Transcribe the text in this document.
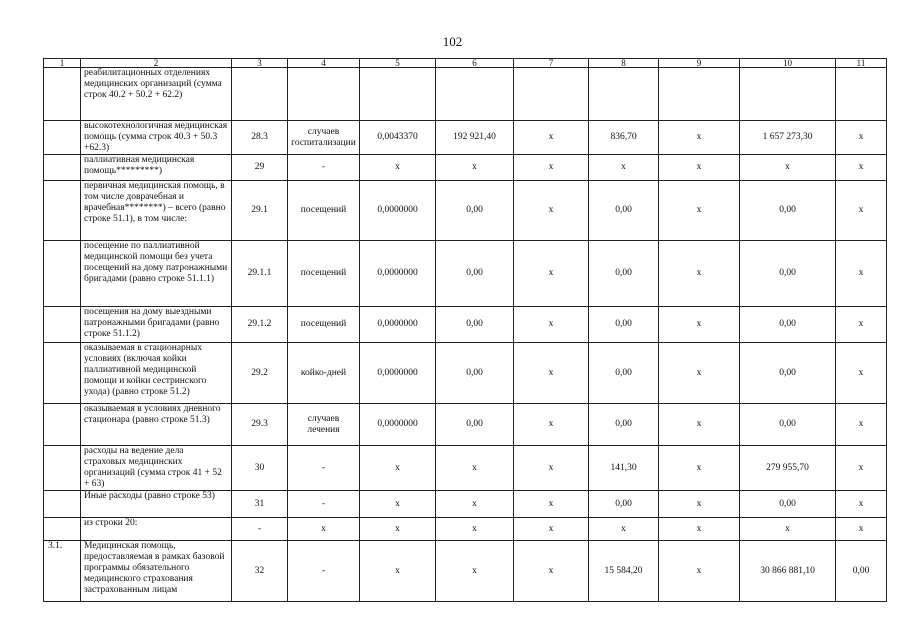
102
1	2	3	4	5	6	7	8	9	10	11
	реабилитационных отделениях медицинских организаций (сумма строк 40.2 + 50.2 + 62.2)									
	высокотехнологичная медицинская помощь (сумма строк 40.3 + 50.3 +62.3)	28.3	случаев госпитализации	0,0043370	192 921,40	х	836,70	х	1 657 273,30	х
	паллиативная медицинская помощь*********)	29	-	х	х	х	х	х	х	х
	первичная медицинская помощь, в том числе доврачебная и врачебная********) – всего (равно строке 51.1), в том числе:	29.1	посещений	0,0000000	0,00	х	0,00	х	0,00	х
	посещение по паллиативной медицинской помощи без учета посещений на дому патронажными бригадами (равно строке 51.1.1)	29.1.1	посещений	0,0000000	0,00	х	0,00	х	0,00	х
	посещения на дому выездными патронажными бригадами (равно строке 51.1.2)	29.1.2	посещений	0,0000000	0,00	х	0,00	х	0,00	х
	оказываемая в стационарных условиях (включая койки паллиативной медицинской помощи и койки сестринского ухода) (равно строке 51.2)	29.2	койко-дней	0,0000000	0,00	х	0,00	х	0,00	х
	оказываемая в условиях дневного стационара (равно строке 51.3)	29.3	случаев лечения	0,0000000	0,00	х	0,00	х	0,00	х
	расходы на ведение дела страховых медицинских организаций (сумма строк 41 + 52 + 63)	30	-	х	х	х	141,30	х	279 955,70	х
	Иные расходы (равно строке 53)	31	-	х	х	х	0,00	х	0,00	х
	из строки 20:	-	х	х	х	х	х	х	х	х
3.1.	Медицинская помощь, предоставляемая в рамках базовой программы обязательного медицинского страхования застрахованным лицам	32	-	х	х	х	15 584,20	х	30 866 881,10	0,00
